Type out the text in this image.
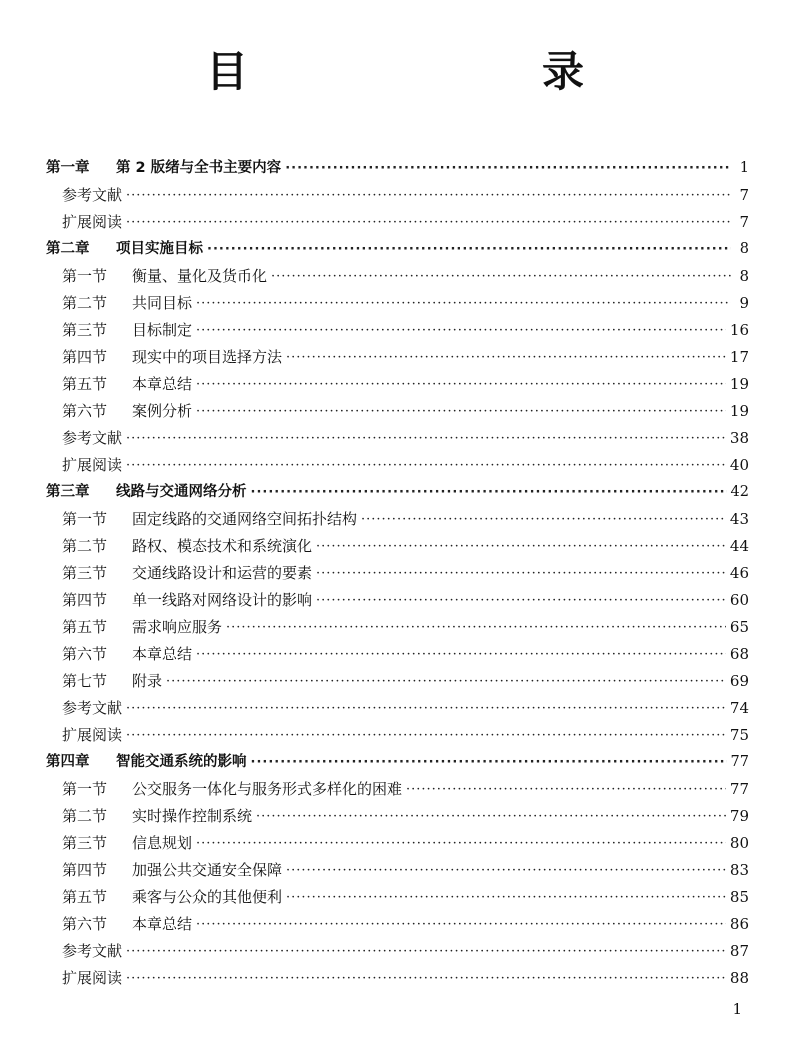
目　　录
第一章 第 2 版绪与全书主要内容 ·····	1
参考文献 ·····	7
扩展阅读 ·····	7
第二章 项目实施目标 ·····	8
第一节 衡量、量化及货币化 ·····	8
第二节 共同目标 ·····	9
第三节 目标制定 ·····	16
第四节 现实中的项目选择方法 ·····	17
第五节 本章总结 ·····	19
第六节 案例分析 ·····	19
参考文献 ·····	38
扩展阅读 ·····	40
第三章 线路与交通网络分析 ·····	42
第一节 固定线路的交通网络空间拓扑结构 ·····	43
第二节 路权、模态技术和系统演化 ·····	44
第三节 交通线路设计和运营的要素 ·····	46
第四节 单一线路对网络设计的影响 ·····	60
第五节 需求响应服务 ·····	65
第六节 本章总结 ·····	68
第七节 附录 ·····	69
参考文献 ·····	74
扩展阅读 ·····	75
第四章 智能交通系统的影响 ·····	77
第一节 公交服务一体化与服务形式多样化的困难 ·····	77
第二节 实时操作控制系统 ·····	79
第三节 信息规划 ·····	80
第四节 加强公共交通安全保障 ·····	83
第五节 乘客与公众的其他便利 ·····	85
第六节 本章总结 ·····	86
参考文献 ·····	87
扩展阅读 ·····	88
1
